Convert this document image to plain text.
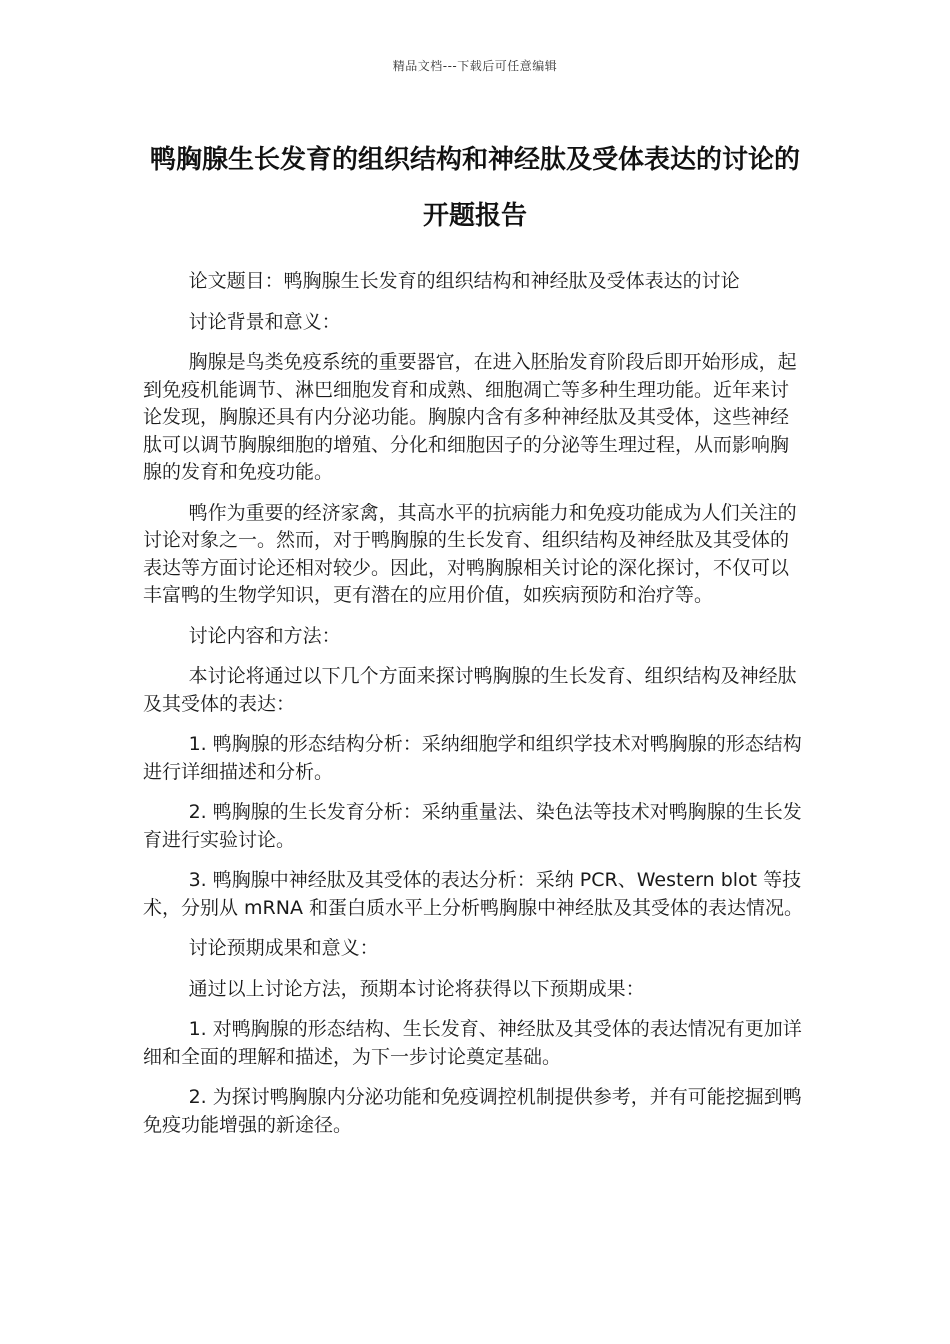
精品文档---下载后可任意编辑
鸭胸腺生长发育的组织结构和神经肽及受体表达的讨论的开题报告

论文题目：鸭胸腺生长发育的组织结构和神经肽及受体表达的讨论

讨论背景和意义：

胸腺是鸟类免疫系统的重要器官，在进入胚胎发育阶段后即开始形成，起到免疫机能调节、淋巴细胞发育和成熟、细胞凋亡等多种生理功能。近年来讨论发现，胸腺还具有内分泌功能。胸腺内含有多种神经肽及其受体，这些神经肽可以调节胸腺细胞的增殖、分化和细胞因子的分泌等生理过程，从而影响胸腺的发育和免疫功能。

鸭作为重要的经济家禽，其高水平的抗病能力和免疫功能成为人们关注的讨论对象之一。然而，对于鸭胸腺的生长发育、组织结构及神经肽及其受体的表达等方面讨论还相对较少。因此，对鸭胸腺相关讨论的深化探讨，不仅可以丰富鸭的生物学知识，更有潜在的应用价值，如疾病预防和治疗等。

讨论内容和方法：

本讨论将通过以下几个方面来探讨鸭胸腺的生长发育、组织结构及神经肽及其受体的表达：

1. 鸭胸腺的形态结构分析：采纳细胞学和组织学技术对鸭胸腺的形态结构进行详细描述和分析。

2. 鸭胸腺的生长发育分析：采纳重量法、染色法等技术对鸭胸腺的生长发育进行实验讨论。

3. 鸭胸腺中神经肽及其受体的表达分析：采纳 PCR、Western blot 等技术，分别从 mRNA 和蛋白质水平上分析鸭胸腺中神经肽及其受体的表达情况。

讨论预期成果和意义：

通过以上讨论方法，预期本讨论将获得以下预期成果：

1. 对鸭胸腺的形态结构、生长发育、神经肽及其受体的表达情况有更加详细和全面的理解和描述，为下一步讨论奠定基础。

2. 为探讨鸭胸腺内分泌功能和免疫调控机制提供参考，并有可能挖掘到鸭免疫功能增强的新途径。
